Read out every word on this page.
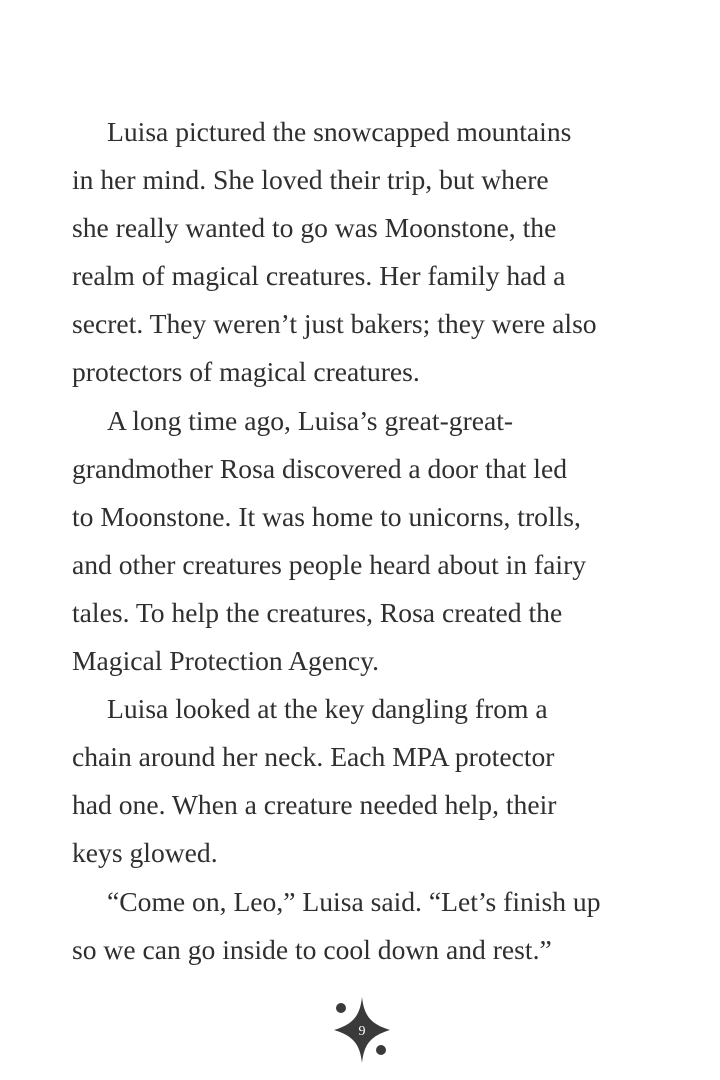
Luisa pictured the snowcapped mountains
in her mind. She loved their trip, but where
she really wanted to go was Moonstone, the
realm of magical creatures. Her family had a
secret. They weren’t just bakers; they were also
protectors of magical creatures.
A long time ago, Luisa’s great-great-
grandmother Rosa discovered a door that led
to Moonstone. It was home to unicorns, trolls,
and other creatures people heard about in fairy
tales. To help the creatures, Rosa created the
Magical Protection Agency.
Luisa looked at the key dangling from a
chain around her neck. Each MPA protector
had one. When a creature needed help, their
keys glowed.
“Come on, Leo,” Luisa said. “Let’s finish up
so we can go inside to cool down and rest.”
9
